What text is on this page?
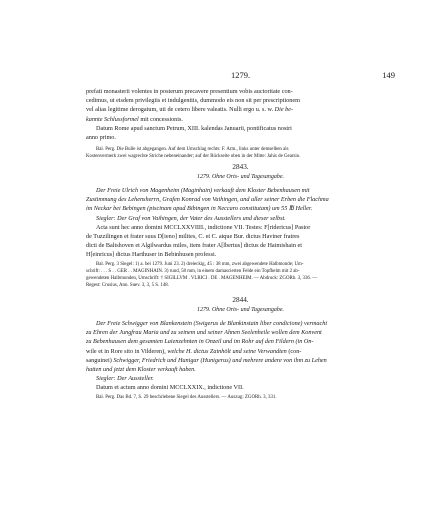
1279.	149

prefati monasterii volentes in posterum precavere presentium vobis auctoritate con-

cedimus, ut eisdem privilegiis et indulgentiis, dummodo eis non sit per prescriptionem

vel alias legitime derogatum, uti de cetero libere valeatis. Nulli ergo u. s. w. Die be-

kannte Schlussformel mit concessionis.

Datum Rome apud sanctum Petrum, XIII. kalendas Januarii, pontificatus nostri

anno primo.

Bal. Perg. Die Bulle ist abgegangen. Auf dem Umschlag rechts: F. Arm., links unter demselben als

Kostenvermerk zwei wagrechte Striche nebeneinander; auf der Rückseite oben in der Mitte: Jahis de Gearsio.

2843.

1279. Ohne Orts- und Tagesangabe.

Der Freie Ulrich von Magenheim (Maginhain) verkauft dem Kloster Bebenhausen mit

Zustimmung des Lehensherrn, Grafen Konrad von Vaihingen, und aller seiner Erben die Flachma

im Neckar bei Bebingen (piscinam apud Bibingen in Neccaro constitutam) um 55 ℔ Heller.

Siegler: Der Graf von Vaihingen, der Vater des Ausstellers und dieser selbst.

Acta sunt hec anno domini MCCLXXVIIII., indictione VII. Testes: F[ridericus] Pastor

de Tuzzilingen et frater suus D[ieno] milites, C. et C. atque Bur. dictus Haviner fratres

dicti de Baltshoven et Algilwardus miles, item frater A[lbertus] dictus de Haimishain et

H[einricus] dictus Harthuser in Bebinhusen professi.

Bal. Perg. 3 Siegel: 1) a. bei 1279. Juni 23. 2) dreieckig, 45 : 38 mm, zwei abgewendete Halbmonde; Um-

schrift: . . . S . . GER . . MAGINHAIN. 3) rund, 58 mm, in einem damascierten Felde ein Topfhelm mit 2 ab-

gewendeten Halbmonden, Umschrift: † SIGILLVM . VLRICI . DE . MAGENHEIM. — Abdruck: ZGORh. 3, 336. —

Regest: Crusius, Ann. Suev. 3, 3, 5 S. 148.

2844.

1279. Ohne Orts- und Tagesangabe.

Der Freie Schwigger von Blankenstein (Swigerus de Blankinstain liber condicione) vermacht

zu Ehren der Jungfrau Maria und zu seinem und seiner Ahnen Seelenheile wollen dem Konvent

zu Bebenhausen dem gesamten Laienzehnten in Onzeil und im Rohr auf den Fildern (in On-

wile et in Rore sito in Vilderen), welche H. dictus Zainhōlt und seine Verwandten (con-

sanguinei) Schwigger, Friedrich und Hunigar (Hunigerus) und mehrere andere von ihm zu Lehen

hatten und jetzt dem Kloster verkauft haben.

Siegler: Der Aussteller.

Datum et actum anno domini MCCLXXIX., indictione VII.

Bal. Perg. Das Bd. 7, S. 29 beschriebene Siegel des Ausstellers. — Auszug: ZGORh. 3, 331.
